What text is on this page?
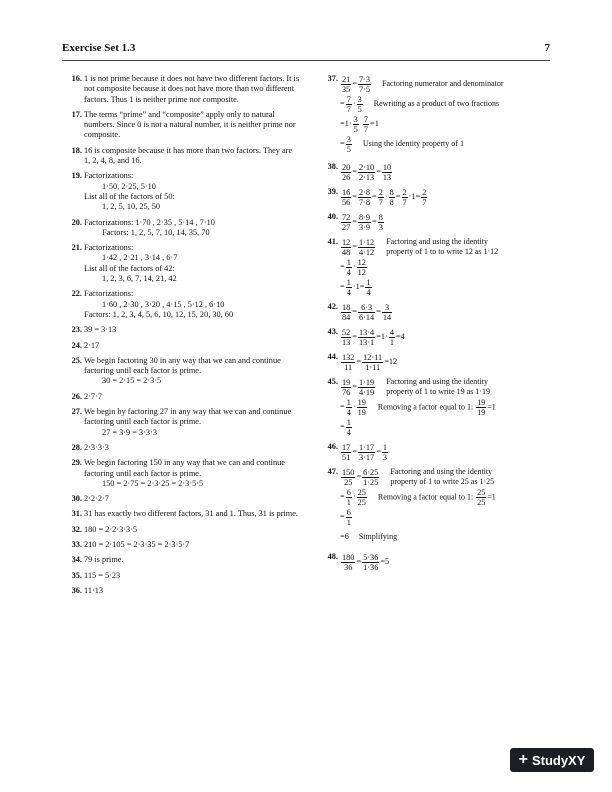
Exercise Set 1.3	7
16. 1 is not prime because it does not have two different factors. It is not composite because it does not have more than two different factors. Thus 1 is neither prime nor composite.
17. The terms “prime” and “composite” apply only to natural numbers. Since 0 is not a natural number, it is neither prime nor composite.
18. 16 is composite because it has more than two factors. They are 1, 2, 4, 8, and 16.
19. Factorizations:
1·50, 2·25, 5·10
List all of the factors of 50:
1, 2, 5, 10, 25, 50
20. Factorizations: 1·70 , 2·35 , 5·14 , 7·10
Factors: 1, 2, 5, 7, 10, 14, 35, 70
21. Factorizations:
1·42 , 2·21 , 3·14 , 6·7
List all of the factors of 42:
1, 2, 3, 6, 7, 14, 21, 42
22. Factorizations:
1·60 , 2·30 , 3·20 , 4·15 , 5·12 , 6·10
Factors: 1, 2, 3, 4, 5, 6, 10, 12, 15, 20, 30, 60
23. 39 = 3·13
24. 2·17
25. We begin factoring 30 in any way that we can and continue factoring until each factor is prime.
30 = 2·15 = 2·3·5
26. 2·7·7
27. We begin by factoring 27 in any way that we can and continue factoring until each factor is prime.
27 = 3·9 = 3·3·3
28. 2·3·3·3
29. We begin factoring 150 in any way that we can and continue factoring until each factor is prime.
150 = 2·75 = 2·3·25 = 2·3·5·5
30. 2·2·2·7
31. 31 has exactly two different factors, 31 and 1. Thus, 31 is prime.
32. 180 = 2·2·3·3·5
33. 210 = 2·105 = 2·3·35 = 2·3·5·7
34. 79 is prime.
35. 115 = 5·23
36. 11·13
37. $\frac{21}{35} = \frac{7\cdot 3}{7\cdot 5}$ Factoring numerator and denominator
= $\frac{7}{7} \cdot \frac{3}{5}$ Rewriting as a product of two fractions
= $1 \cdot \frac{3}{5}$
$\frac{7}{7} = 1$
= $\frac{3}{5}$ Using the identity property of 1
38. $\frac{20}{26} = \frac{2\cdot 10}{2\cdot 13} = \frac{10}{13}$
39. $\frac{16}{56} = \frac{2\cdot 8}{7\cdot 8} = \frac{2}{7} \cdot \frac{8}{8} = \frac{2}{7} \cdot 1 = \frac{2}{7}$
40. $\frac{72}{27} = \frac{8\cdot 9}{3\cdot 9} = \frac{8}{3}$
41. $\frac{12}{48} = \frac{1\cdot 12}{4\cdot 12}$ Factoring and using the identity
property of 1 to to write 12 as 1·12
= $\frac{1}{4} \cdot \frac{12}{12}$
= $\frac{1}{4} \cdot 1 = \frac{1}{4}$
42. $\frac{18}{84} = \frac{6\cdot 3}{6\cdot 14} = \frac{3}{14}$
43. $\frac{52}{13} = \frac{13\cdot 4}{13\cdot 1} = 1 \cdot \frac{4}{1} = 4$
44. $\frac{132}{11} = \frac{12\cdot 11}{1\cdot 11} = 12$
45. $\frac{19}{76} = \frac{1\cdot 19}{4\cdot 19}$ Factoring and using the identity
property of 1 to write 19 as 1·19
= $\frac{1}{4} \cdot \frac{19}{19}$ Removing a factor equal to 1: $\frac{19}{19} =1$
= $\frac{1}{4}$
46. $\frac{17}{51} = \frac{1\cdot 17}{3\cdot 17} = \frac{1}{3}$
47. $\frac{150}{25} = \frac{6\cdot 25}{1\cdot 25}$ Factoring and using the identity
property of 1 to write 25 as 1·25
= $\frac{6}{1} \cdot \frac{25}{25}$ Removing a factor equal to 1: $\frac{25}{25} =1$
= $\frac{6}{1}$
= 6 Simplifying
48. $\frac{180}{36} = \frac{5\cdot 36}{1\cdot 36} = 5$
+ StudyXY
